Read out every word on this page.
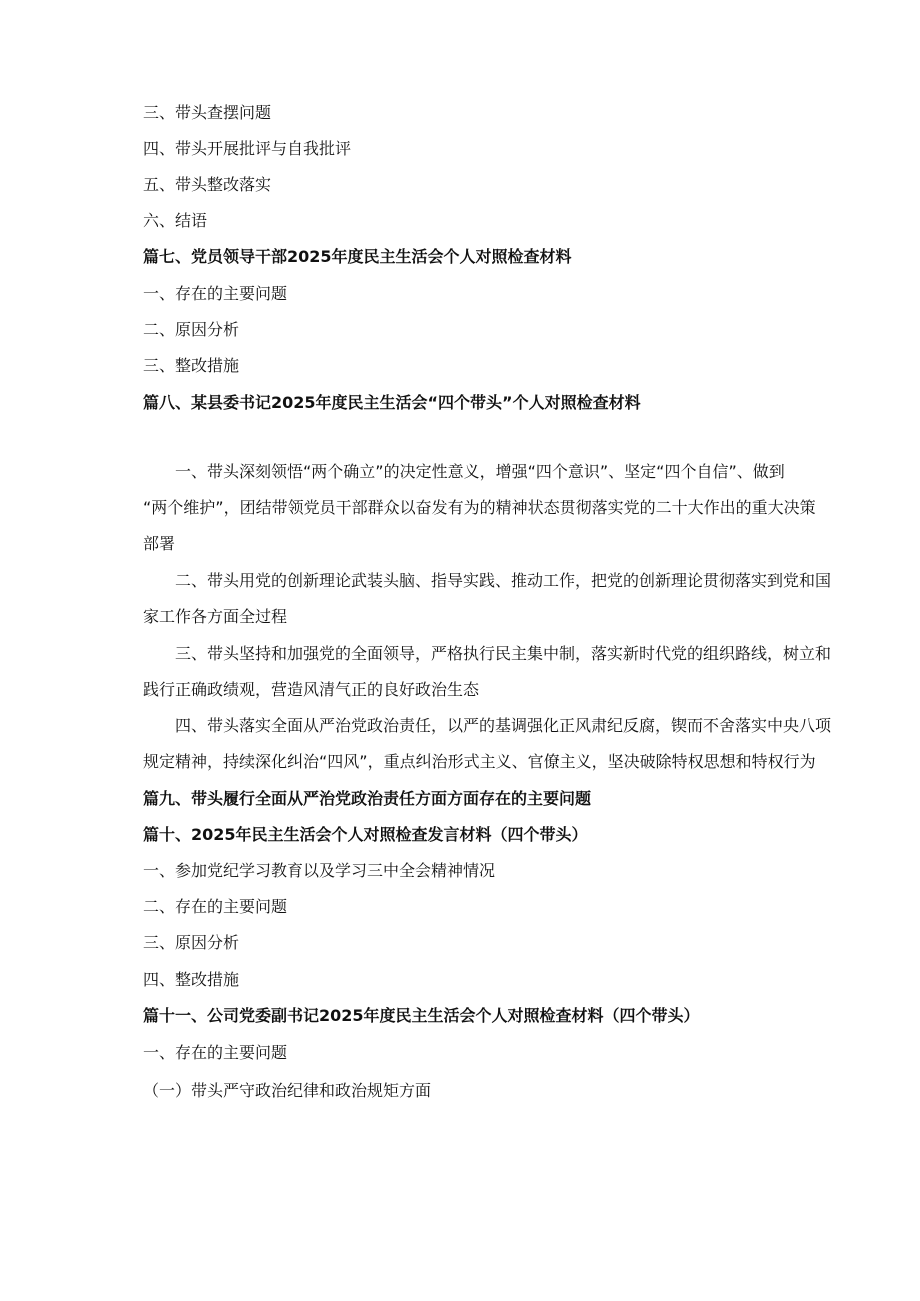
三、带头查摆问题
四、带头开展批评与自我批评
五、带头整改落实
六、结语
篇七、党员领导干部2025年度民主生活会个人对照检查材料
一、存在的主要问题
二、原因分析
三、整改措施
篇八、某县委书记2025年度民主生活会“四个带头”个人对照检查材料
一、带头深刻领悟“两个确立”的决定性意义，增强“四个意识”、坚定“四个自信”、做到
“两个维护”，团结带领党员干部群众以奋发有为的精神状态贯彻落实党的二十大作出的重大决策
部署
二、带头用党的创新理论武装头脑、指导实践、推动工作，把党的创新理论贯彻落实到党和国
家工作各方面全过程
三、带头坚持和加强党的全面领导，严格执行民主集中制，落实新时代党的组织路线，树立和
践行正确政绩观，营造风清气正的良好政治生态
四、带头落实全面从严治党政治责任，以严的基调强化正风肃纪反腐，锲而不舍落实中央八项
规定精神，持续深化纠治“四风”，重点纠治形式主义、官僚主义，坚决破除特权思想和特权行为
篇九、带头履行全面从严治党政治责任方面方面存在的主要问题
篇十、2025年民主生活会个人对照检查发言材料（四个带头）
一、参加党纪学习教育以及学习三中全会精神情况
二、存在的主要问题
三、原因分析
四、整改措施
篇十一、公司党委副书记2025年度民主生活会个人对照检查材料（四个带头）
一、存在的主要问题
（一）带头严守政治纪律和政治规矩方面
